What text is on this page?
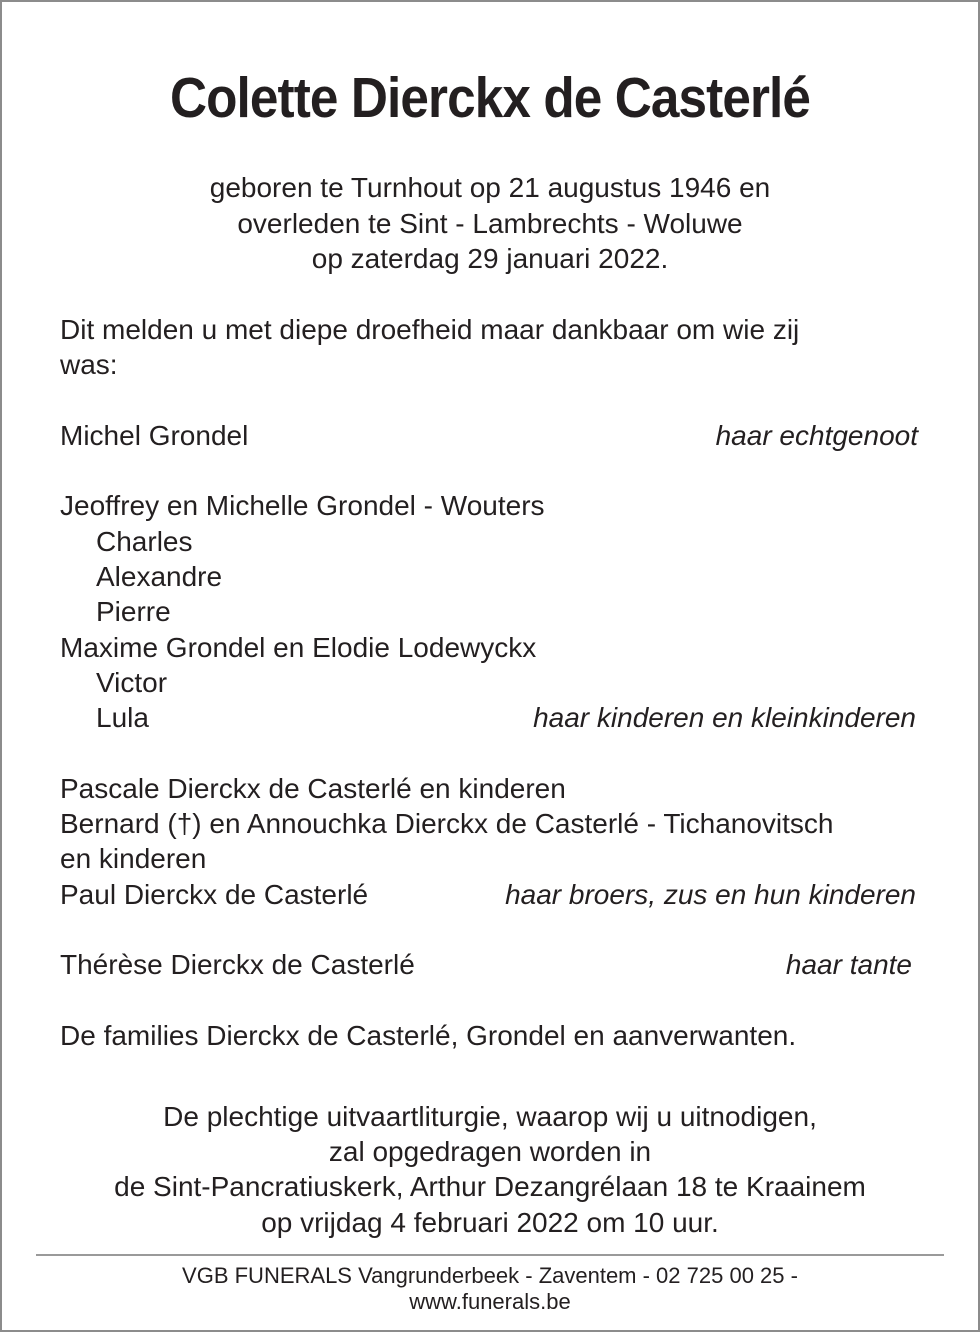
Colette Dierckx de Casterlé
geboren te Turnhout op 21 augustus 1946 en
overleden te Sint - Lambrechts - Woluwe
op zaterdag 29 januari 2022.
Dit melden u met diepe droefheid maar dankbaar om wie zij
was:
Michel Grondel	haar echtgenoot
Jeoffrey en Michelle Grondel - Wouters
Charles
Alexandre
Pierre
Maxime Grondel en Elodie Lodewyckx
Victor
Lula	haar kinderen en kleinkinderen
Pascale Dierckx de Casterlé en kinderen
Bernard (†) en Annouchka Dierckx de Casterlé - Tichanovitsch
en kinderen
Paul Dierckx de Casterlé	haar broers, zus en hun kinderen
Thérèse Dierckx de Casterlé	haar tante
De families Dierckx de Casterlé, Grondel en aanverwanten.
De plechtige uitvaartliturgie, waarop wij u uitnodigen,
zal opgedragen worden in
de Sint-Pancratiuskerk, Arthur Dezangrélaan 18 te Kraainem
op vrijdag 4 februari 2022 om 10 uur.
VGB FUNERALS Vangrunderbeek - Zaventem - 02 725 00 25 -
www.funerals.be
